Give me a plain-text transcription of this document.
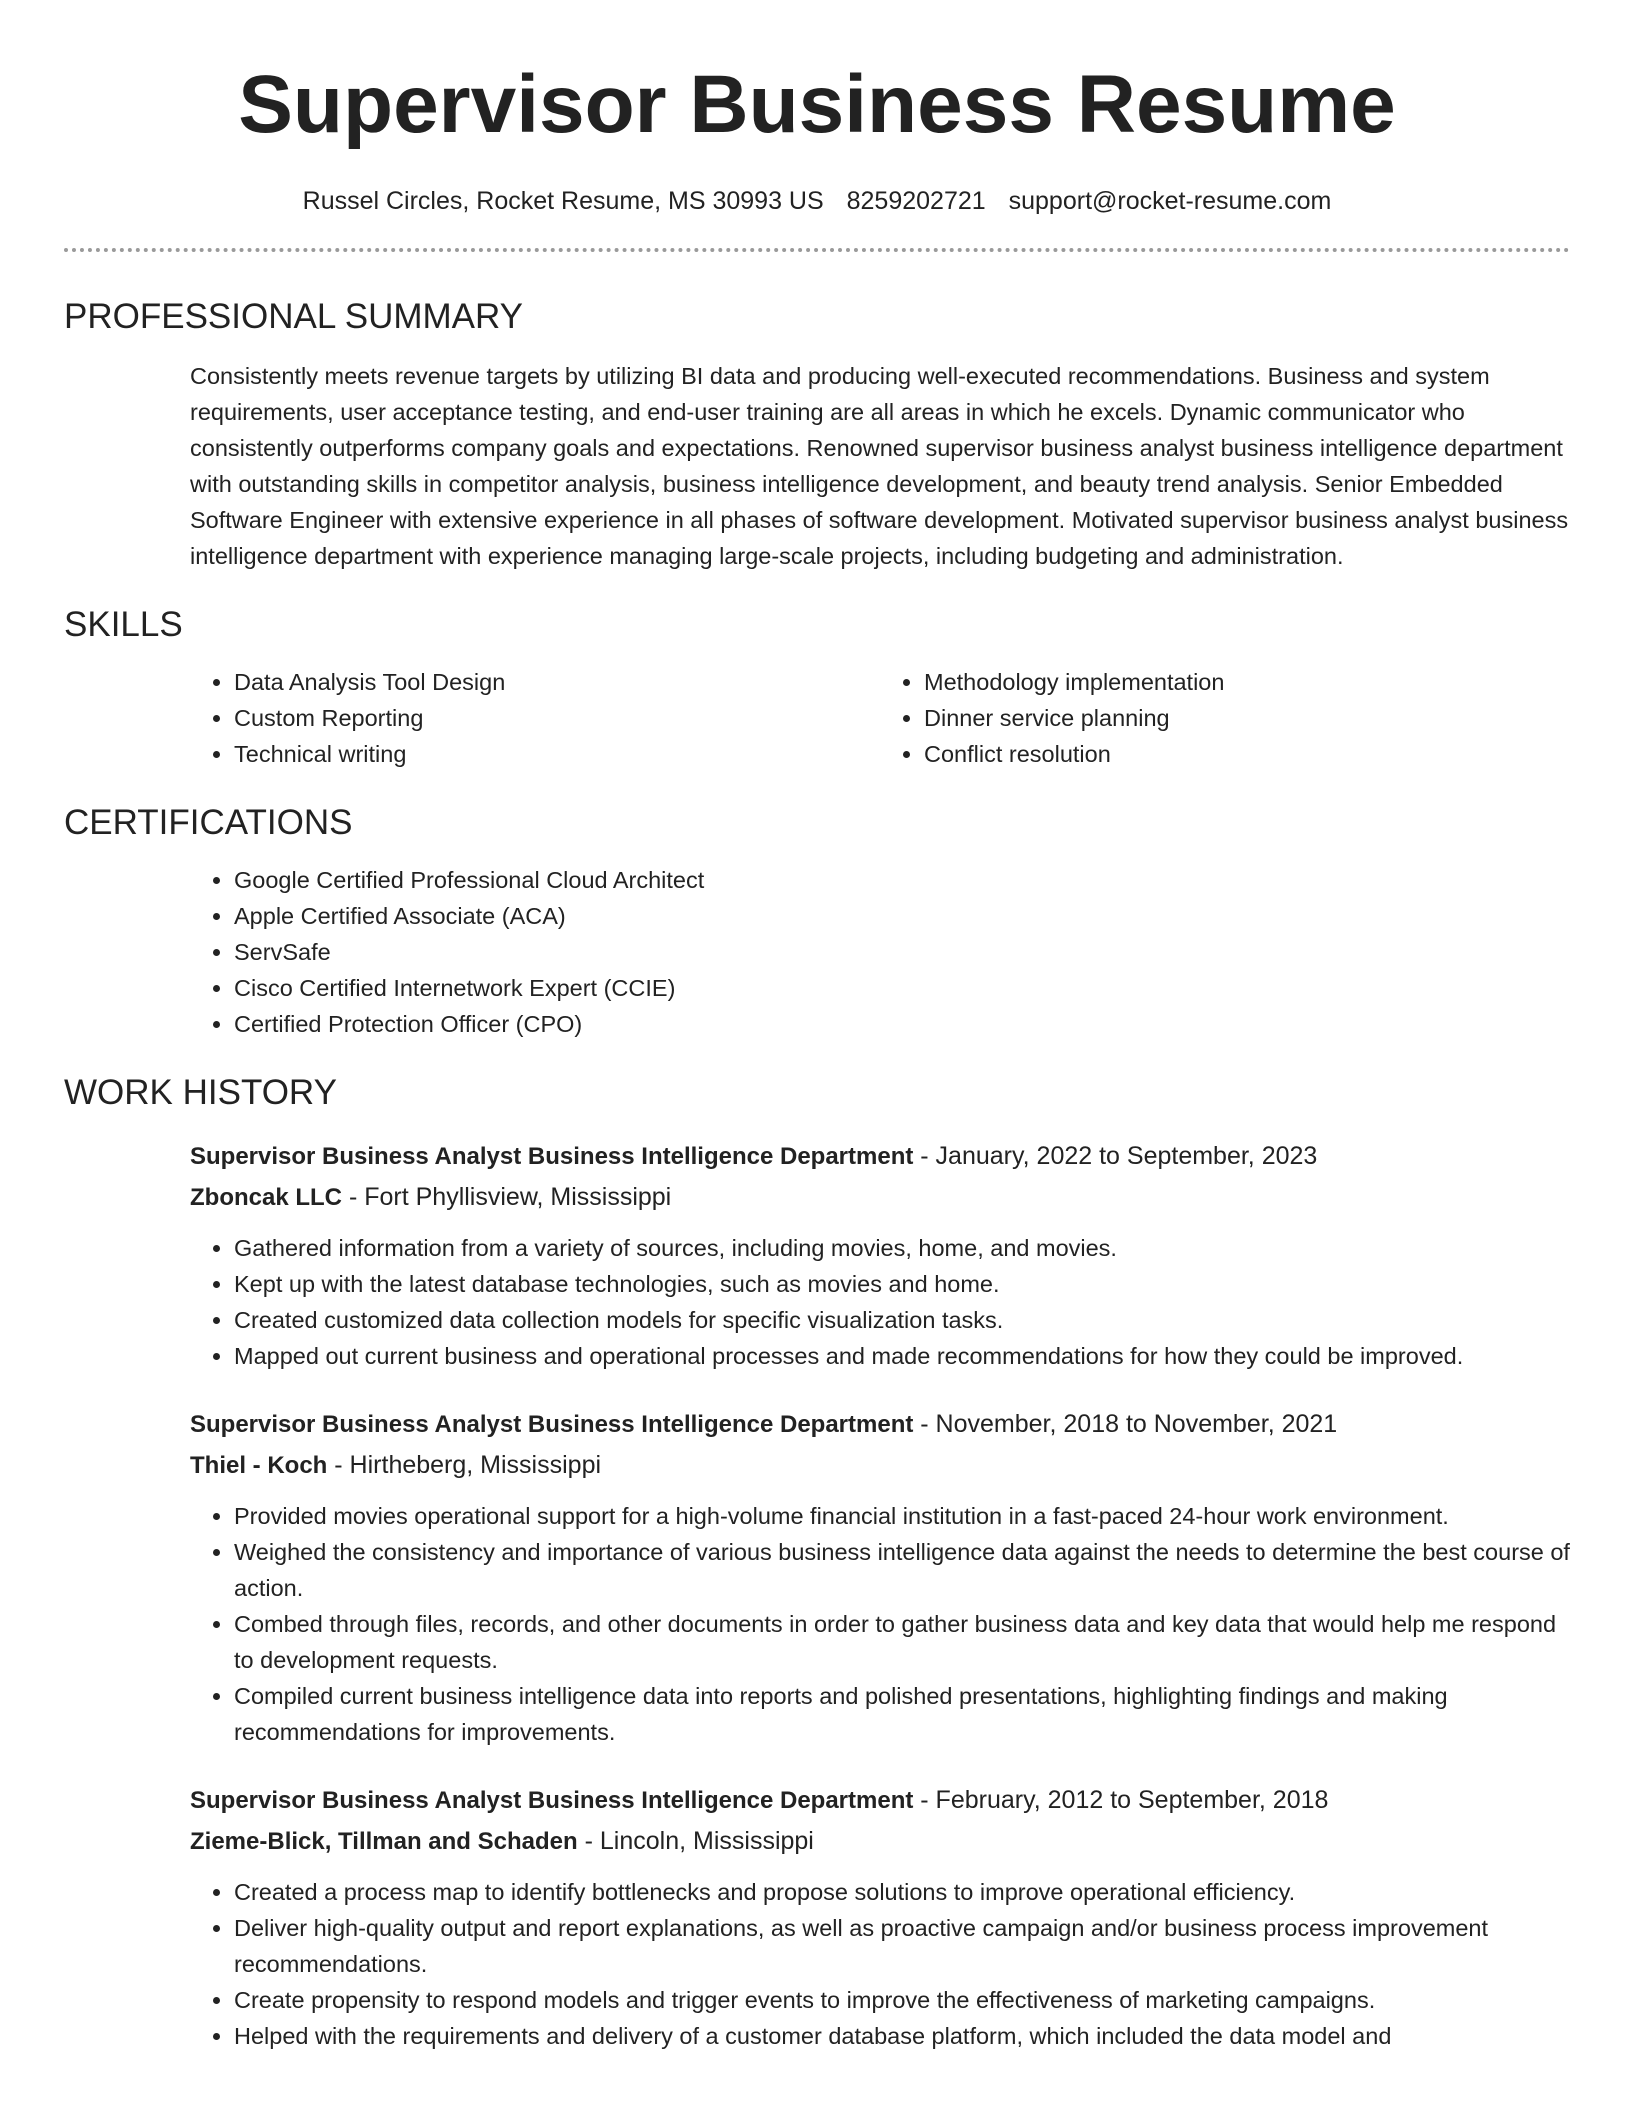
Supervisor Business Resume
Russel Circles, Rocket Resume, MS 30993 US 8259202721 support@rocket-resume.com
PROFESSIONAL SUMMARY
Consistently meets revenue targets by utilizing BI data and producing well-executed recommendations. Business and system requirements, user acceptance testing, and end-user training are all areas in which he excels. Dynamic communicator who consistently outperforms company goals and expectations. Renowned supervisor business analyst business intelligence department with outstanding skills in competitor analysis, business intelligence development, and beauty trend analysis. Senior Embedded Software Engineer with extensive experience in all phases of software development. Motivated supervisor business analyst business intelligence department with experience managing large-scale projects, including budgeting and administration.
SKILLS
• Data Analysis Tool Design
• Custom Reporting
• Technical writing
• Methodology implementation
• Dinner service planning
• Conflict resolution
CERTIFICATIONS
• Google Certified Professional Cloud Architect
• Apple Certified Associate (ACA)
• ServSafe
• Cisco Certified Internetwork Expert (CCIE)
• Certified Protection Officer (CPO)
WORK HISTORY
Supervisor Business Analyst Business Intelligence Department - January, 2022 to September, 2023
Zboncak LLC - Fort Phyllisview, Mississippi
• Gathered information from a variety of sources, including movies, home, and movies.
• Kept up with the latest database technologies, such as movies and home.
• Created customized data collection models for specific visualization tasks.
• Mapped out current business and operational processes and made recommendations for how they could be improved.
Supervisor Business Analyst Business Intelligence Department - November, 2018 to November, 2021
Thiel - Koch - Hirtheberg, Mississippi
• Provided movies operational support for a high-volume financial institution in a fast-paced 24-hour work environment.
• Weighed the consistency and importance of various business intelligence data against the needs to determine the best course of action.
• Combed through files, records, and other documents in order to gather business data and key data that would help me respond to development requests.
• Compiled current business intelligence data into reports and polished presentations, highlighting findings and making recommendations for improvements.
Supervisor Business Analyst Business Intelligence Department - February, 2012 to September, 2018
Zieme-Blick, Tillman and Schaden - Lincoln, Mississippi
• Created a process map to identify bottlenecks and propose solutions to improve operational efficiency.
• Deliver high-quality output and report explanations, as well as proactive campaign and/or business process improvement recommendations.
• Create propensity to respond models and trigger events to improve the effectiveness of marketing campaigns.
• Helped with the requirements and delivery of a customer database platform, which included the data model and
